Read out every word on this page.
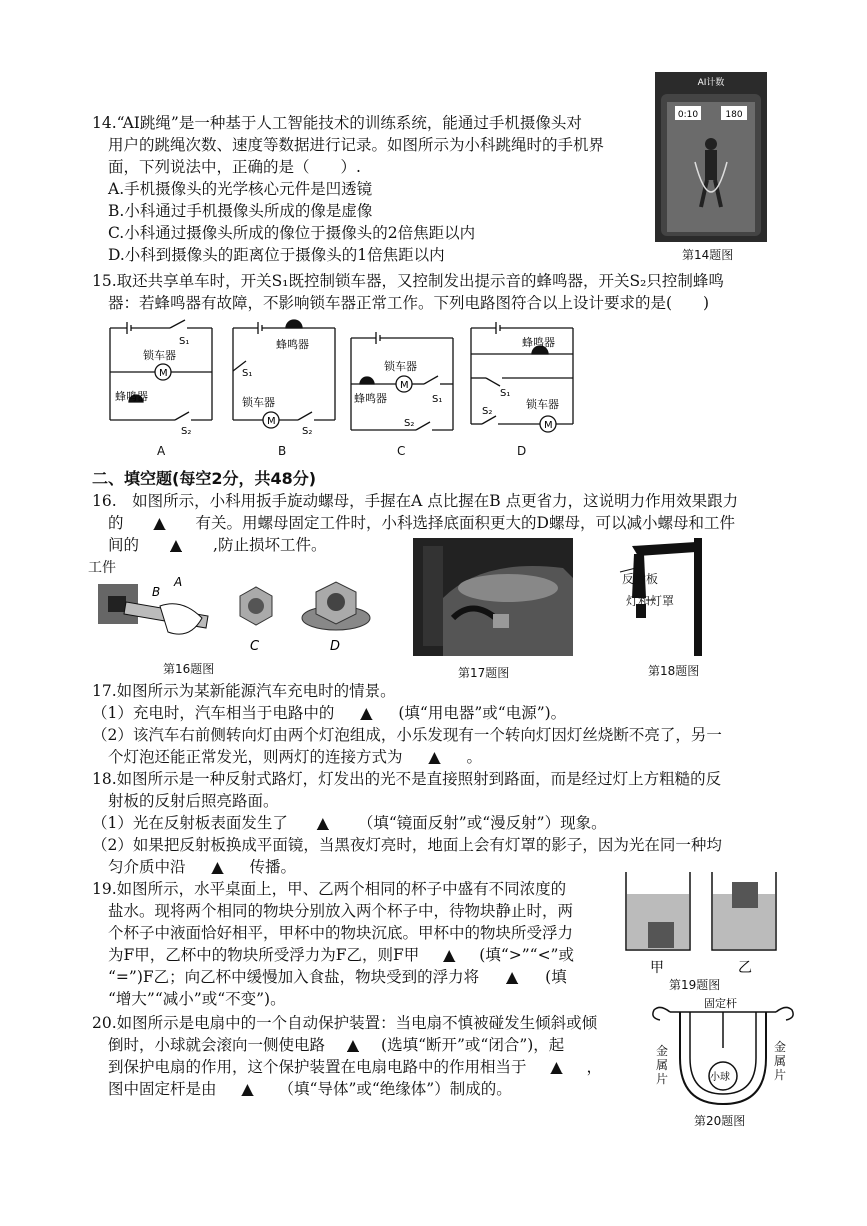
14.“AI跳绳”是一种基于人工智能技术的训练系统，能通过手机摄像头对
用户的跳绳次数、速度等数据进行记录。如图所示为小科跳绳时的手机界
面，下列说法中，正确的是（　　）.
A.手机摄像头的光学核心元件是凹透镜
B.小科通过手机摄像头所成的像是虚像
C.小科通过摄像头所成的像位于摄像头的2倍焦距以内
D.小科到摄像头的距离位于摄像头的1倍焦距以内
AI计数
0:10	180
第14题图
15.取还共享单车时，开关S₁既控制锁车器，又控制发出提示音的蜂鸣器，开关S₂只控制蜂鸣
器：若蜂鸣器有故障，不影响锁车器正常工作。下列电路图符合以上设计要求的是(　　)
S₁
锁车器
M
蜂鸣器
S₂
A
蜂鸣器
S₁
锁车器
M
S₂
B
锁车器
M
S₁
蜂鸣器
S₂
C
蜂鸣器
S₁
锁车器
S₂
M
D
二、填空题(每空2分，共48分)
16.　如图所示，小科用扳手旋动螺母，手握在A 点比握在B 点更省力，这说明力作用效果跟力
的 ▲ 有关。用螺母固定工件时，小科选择底面积更大的D螺母，可以减小螺母和工件
间的 ▲ ,防止损坏工件。
工件
A
B
C	D
第16题图	第17题图
反射板
灯和灯罩
第18题图
17.如图所示为某新能源汽车充电时的情景。
（1）充电时，汽车相当于电路中的 ▲ (填“用电器”或“电源”)。
（2）该汽车右前侧转向灯由两个灯泡组成，小乐发现有一个转向灯因灯丝烧断不亮了，另一
个灯泡还能正常发光，则两灯的连接方式为 ▲ 。
18.如图所示是一种反射式路灯，灯发出的光不是直接照射到路面，而是经过灯上方粗糙的反
射板的反射后照亮路面。
（1）光在反射板表面发生了 ▲ （填“镜面反射”或“漫反射”）现象。
（2）如果把反射板换成平面镜，当黑夜灯亮时，地面上会有灯罩的影子，因为光在同一种均
匀介质中沿 ▲ 传播。
19.如图所示，水平桌面上，甲、乙两个相同的杯子中盛有不同浓度的
盐水。现将两个相同的物块分别放入两个杯子中，待物块静止时，两
个杯子中液面恰好相平，甲杯中的物块沉底。甲杯中的物块所受浮力
为F甲，乙杯中的物块所受浮力为F乙，则F甲 ▲ (填“>”“<”或
“=”)F乙；向乙杯中缓慢加入食盐，物块受到的浮力将 ▲ (填
“增大”“减小”或“不变”)。
甲	乙
第19题图
20.如图所示是电扇中的一个自动保护装置：当电扇不慎被碰发生倾斜或倾
倒时，小球就会滚向一侧使电路 ▲ (选填“断开”或“闭合”)，起
到保护电扇的作用，这个保护装置在电扇电路中的作用相当于 ▲ ，
图中固定杆是由 ▲ （填“导体”或“绝缘体”）制成的。
固定杆
小球
金属片
金属片
第20题图
